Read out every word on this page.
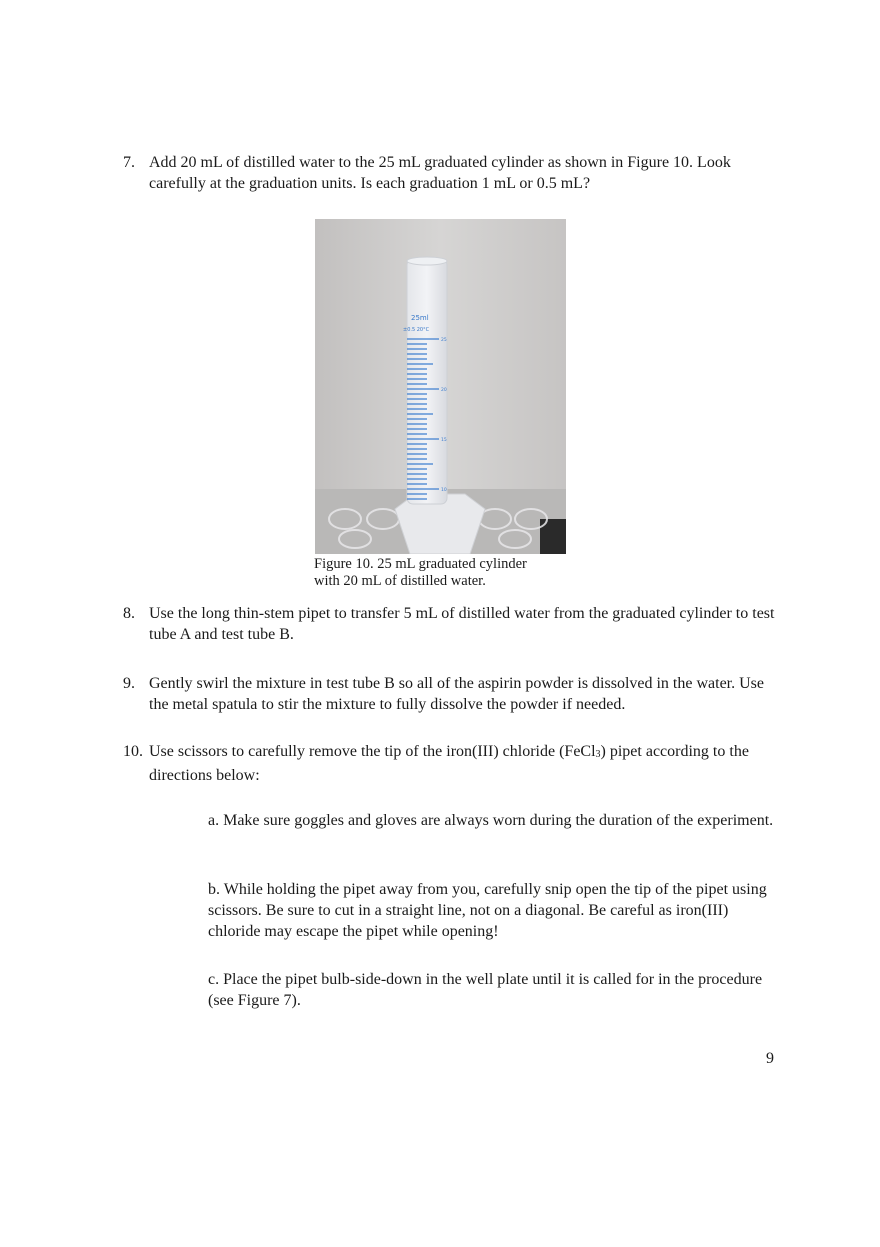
7. Add 20 mL of distilled water to the 25 mL graduated cylinder as shown in Figure 10. Look carefully at the graduation units. Is each graduation 1 mL or 0.5 mL?
25ml
±0.5 20°C
25
20
15
10
Figure 10. 25 mL graduated cylinder
with 20 mL of distilled water.
8. Use the long thin-stem pipet to transfer 5 mL of distilled water from the graduated cylinder to test tube A and test tube B.
9. Gently swirl the mixture in test tube B so all of the aspirin powder is dissolved in the water. Use the metal spatula to stir the mixture to fully dissolve the powder if needed.
10. Use scissors to carefully remove the tip of the iron(III) chloride (FeCl$_3$) pipet according to the directions below:
a. Make sure goggles and gloves are always worn during the duration of the experiment.
b. While holding the pipet away from you, carefully snip open the tip of the pipet using scissors. Be sure to cut in a straight line, not on a diagonal. Be careful as iron(III) chloride may escape the pipet while opening!
c. Place the pipet bulb-side-down in the well plate until it is called for in the procedure (see Figure 7).
9
